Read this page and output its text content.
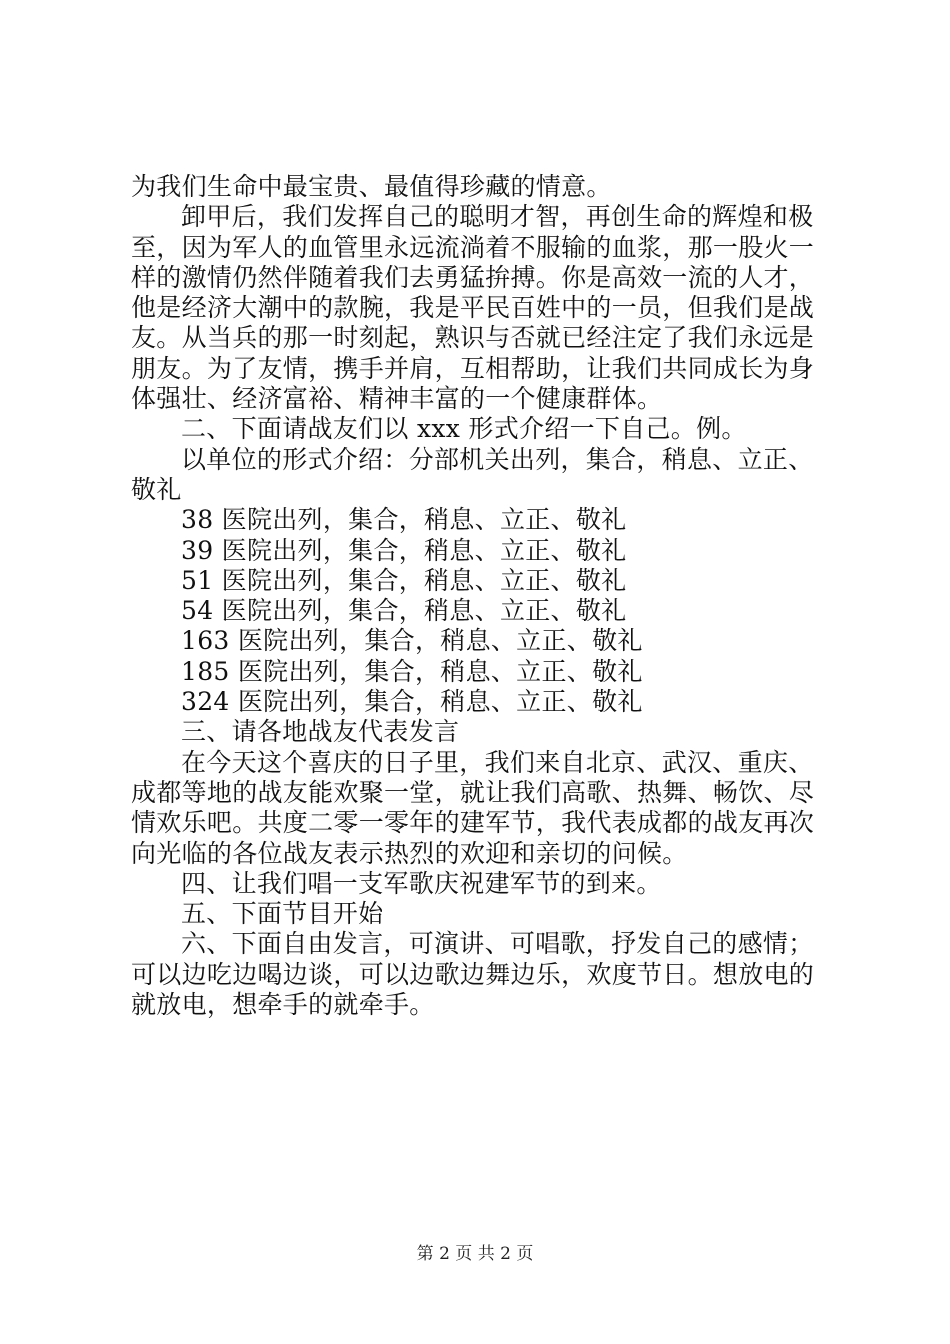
为我们生命中最宝贵、最值得珍藏的情意。
卸甲后，我们发挥自己的聪明才智，再创生命的辉煌和极
至，因为军人的血管里永远流淌着不服输的血浆，那一股火一
样的激情仍然伴随着我们去勇猛拚搏。你是高效一流的人才，
他是经济大潮中的款腕，我是平民百姓中的一员，但我们是战
友。从当兵的那一时刻起，熟识与否就已经注定了我们永远是
朋友。为了友情，携手并肩，互相帮助，让我们共同成长为身
体强壮、经济富裕、精神丰富的一个健康群体。
二、下面请战友们以 xxx 形式介绍一下自己。例。
以单位的形式介绍：分部机关出列，集合，稍息、立正、
敬礼
38 医院出列，集合，稍息、立正、敬礼
39 医院出列，集合，稍息、立正、敬礼
51 医院出列，集合，稍息、立正、敬礼
54 医院出列，集合，稍息、立正、敬礼
163 医院出列，集合，稍息、立正、敬礼
185 医院出列，集合，稍息、立正、敬礼
324 医院出列，集合，稍息、立正、敬礼
三、请各地战友代表发言
在今天这个喜庆的日子里，我们来自北京、武汉、重庆、
成都等地的战友能欢聚一堂，就让我们高歌、热舞、畅饮、尽
情欢乐吧。共度二零一零年的建军节，我代表成都的战友再次
向光临的各位战友表示热烈的欢迎和亲切的问候。
四、让我们唱一支军歌庆祝建军节的到来。
五、下面节目开始
六、下面自由发言，可演讲、可唱歌，抒发自己的感情；
可以边吃边喝边谈，可以边歌边舞边乐，欢度节日。想放电的
就放电，想牵手的就牵手。
第 2 页 共 2 页
